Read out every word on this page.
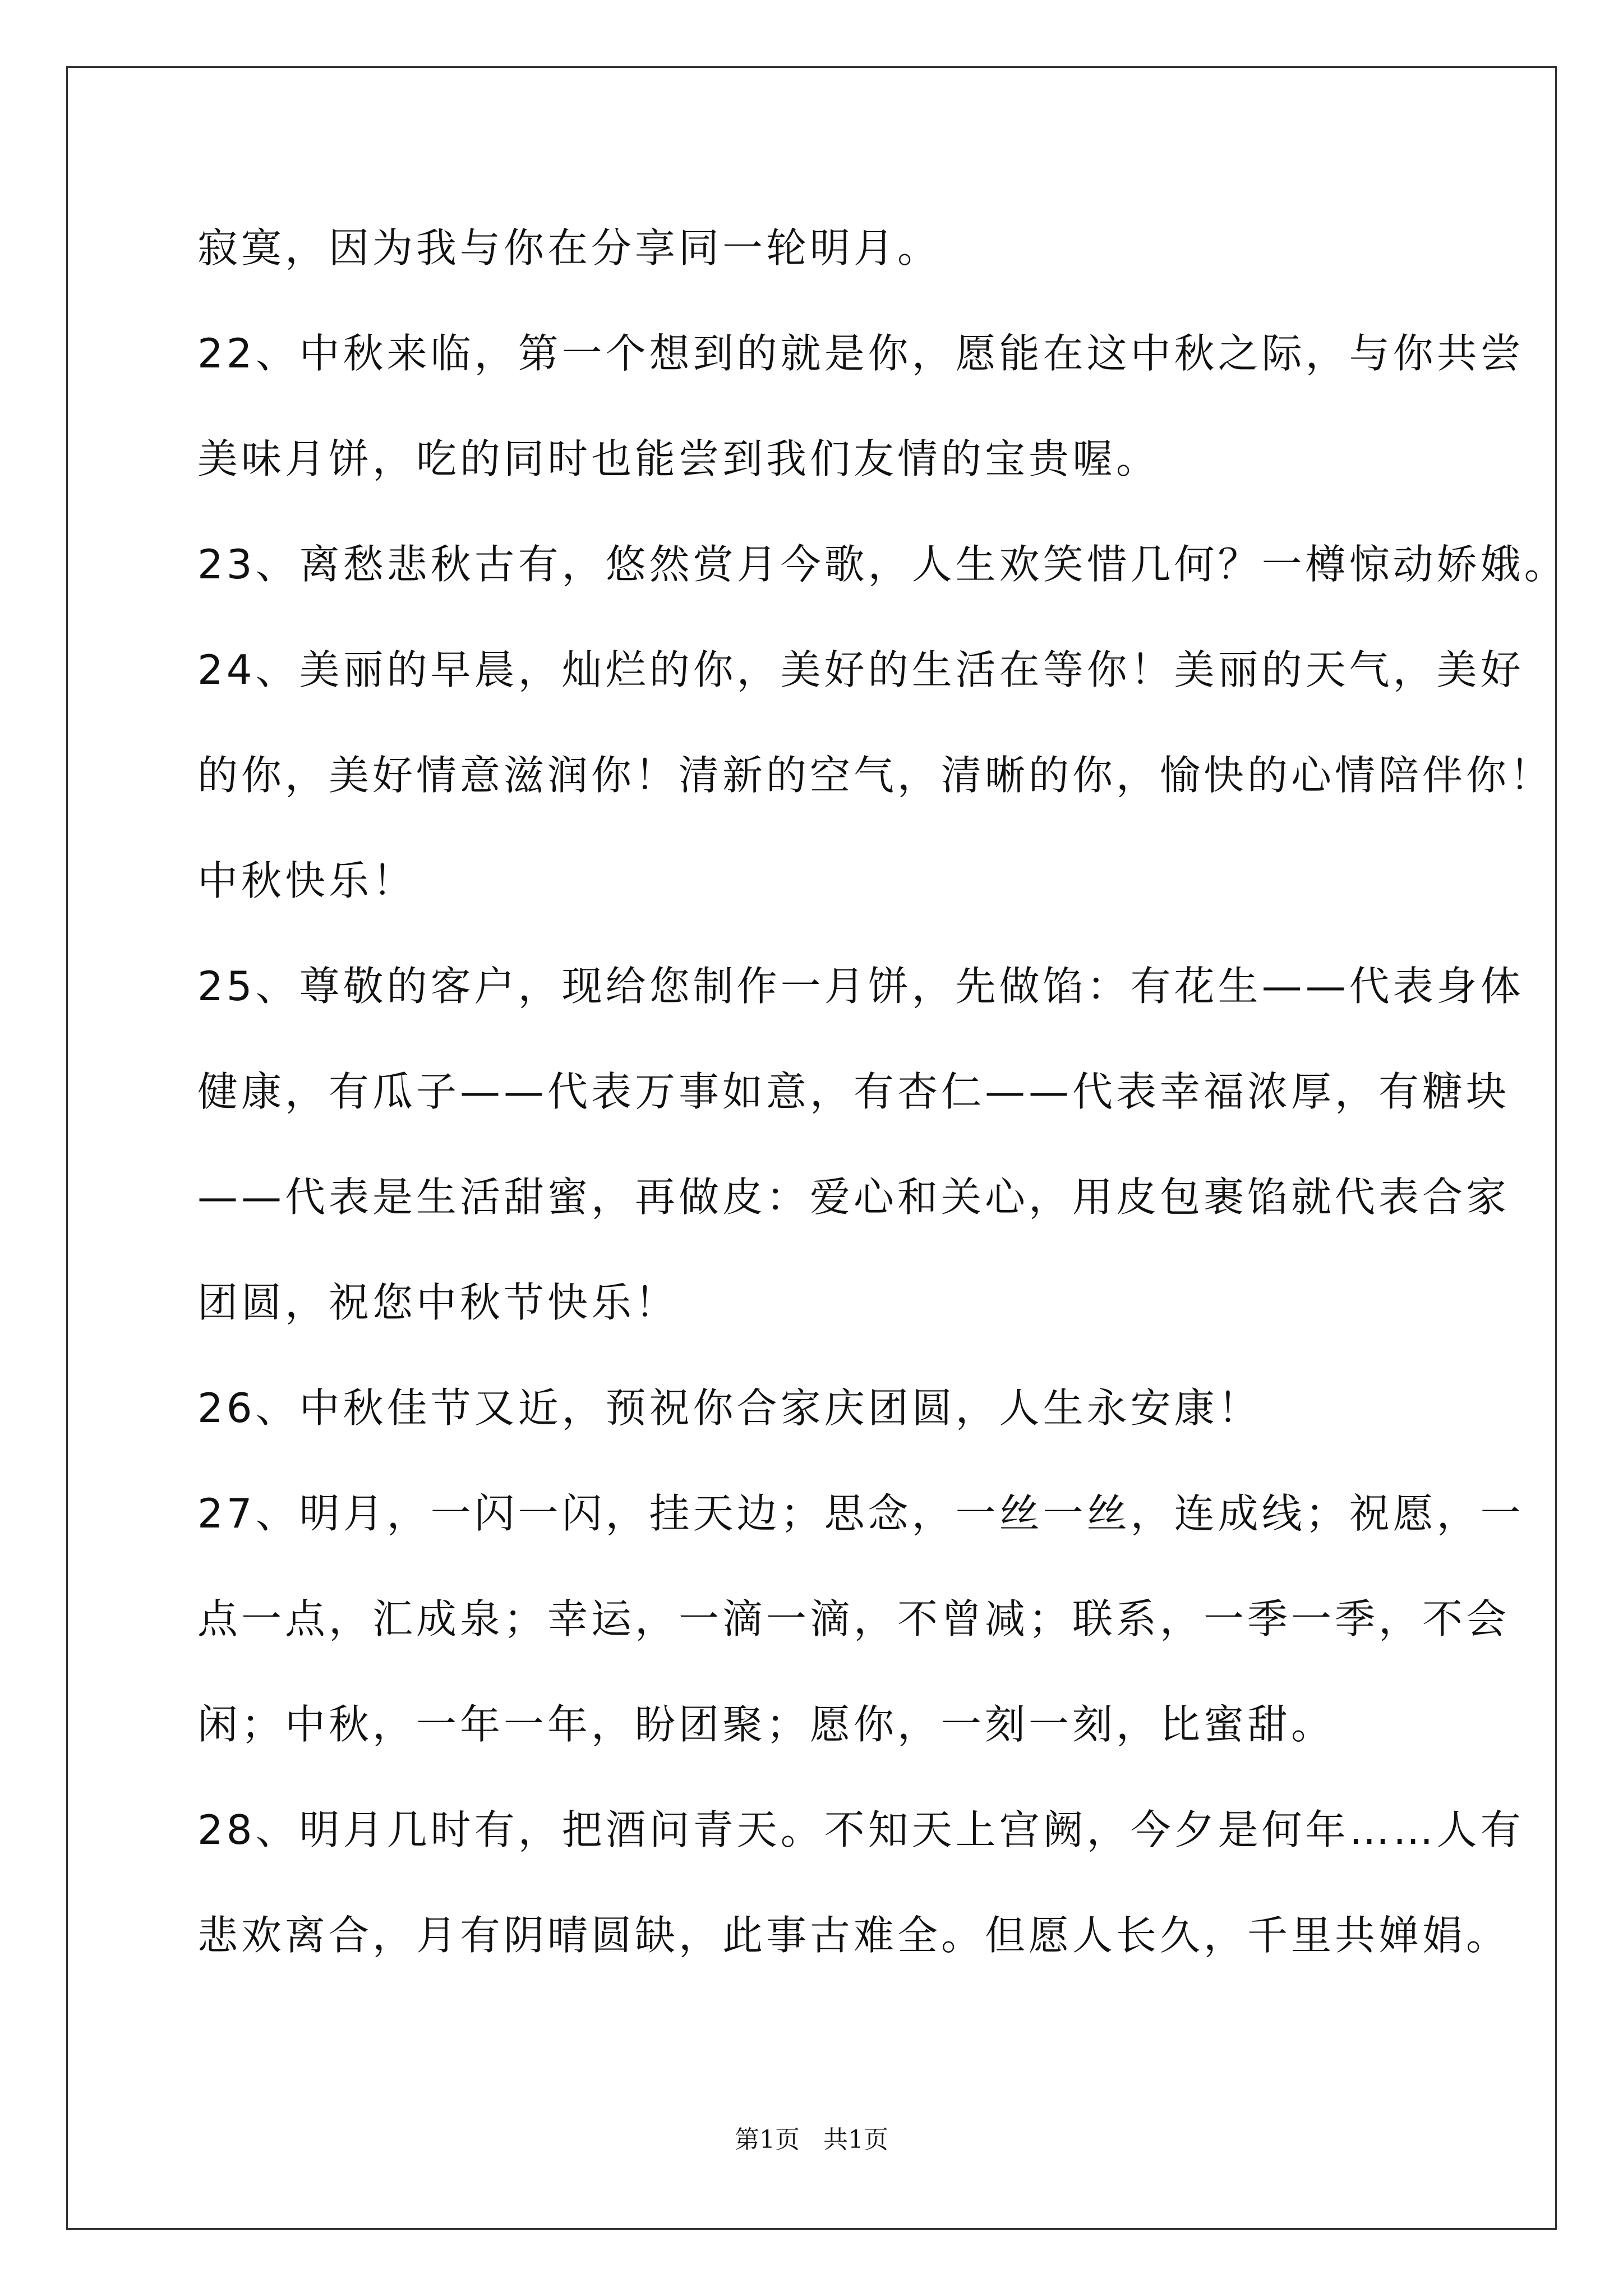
寂寞，因为我与你在分享同一轮明月。

22、中秋来临，第一个想到的就是你，愿能在这中秋之际，与你共尝

美味月饼，吃的同时也能尝到我们友情的宝贵喔。

23、离愁悲秋古有，悠然赏月今歌，人生欢笑惜几何？一樽惊动娇娥。

24、美丽的早晨，灿烂的你，美好的生活在等你！美丽的天气，美好

的你，美好情意滋润你！清新的空气，清晰的你，愉快的心情陪伴你！

中秋快乐！

25、尊敬的客户，现给您制作一月饼，先做馅：有花生——代表身体

健康，有瓜子——代表万事如意，有杏仁——代表幸福浓厚，有糖块

——代表是生活甜蜜，再做皮：爱心和关心，用皮包裹馅就代表合家

团圆，祝您中秋节快乐！

26、中秋佳节又近，预祝你合家庆团圆，人生永安康！

27、明月，一闪一闪，挂天边；思念，一丝一丝，连成线；祝愿，一

点一点，汇成泉；幸运，一滴一滴，不曾减；联系，一季一季，不会

闲；中秋，一年一年，盼团聚；愿你，一刻一刻，比蜜甜。

28、明月几时有，把酒问青天。不知天上宫阙，今夕是何年……人有

悲欢离合，月有阴晴圆缺，此事古难全。但愿人长久，千里共婵娟。

第1页   共1页
